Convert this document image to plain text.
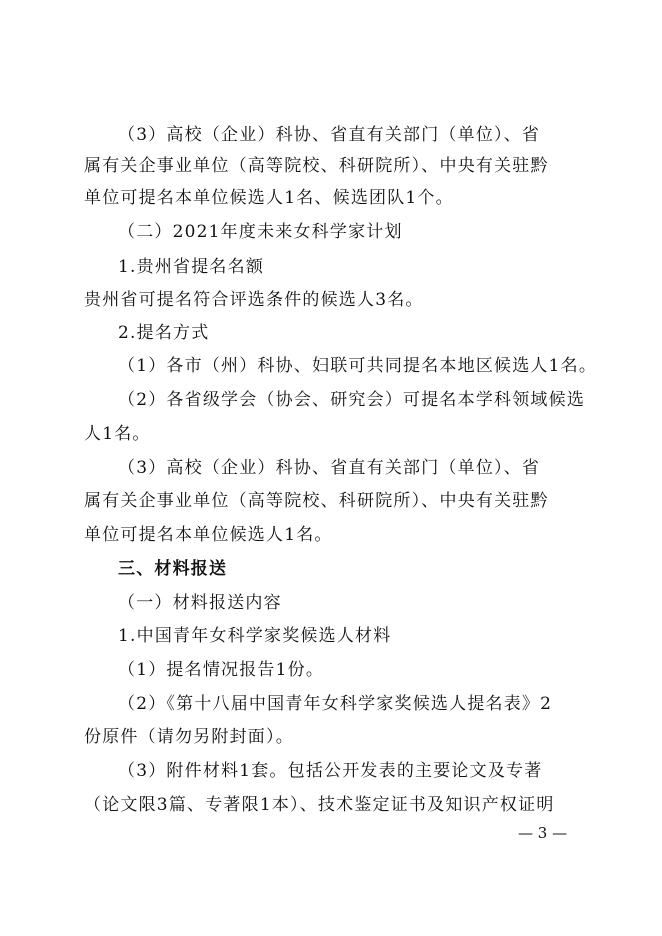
（3）高校（企业）科协、省直有关部门（单位）、省
属有关企事业单位（高等院校、科研院所）、中央有关驻黔
单位可提名本单位候选人1名、候选团队1个。
（二）2021年度未来女科学家计划
1.贵州省提名名额
贵州省可提名符合评选条件的候选人3名。
2.提名方式
（1）各市（州）科协、妇联可共同提名本地区候选人1名。
（2）各省级学会（协会、研究会）可提名本学科领域候选
人1名。
（3）高校（企业）科协、省直有关部门（单位）、省
属有关企事业单位（高等院校、科研院所）、中央有关驻黔
单位可提名本单位候选人1名。
三、材料报送
（一）材料报送内容
1.中国青年女科学家奖候选人材料
（1）提名情况报告1份。
（2）《第十八届中国青年女科学家奖候选人提名表》2
份原件（请勿另附封面）。
（3）附件材料1套。包括公开发表的主要论文及专著
（论文限3篇、专著限1本）、技术鉴定证书及知识产权证明
— 3 —
